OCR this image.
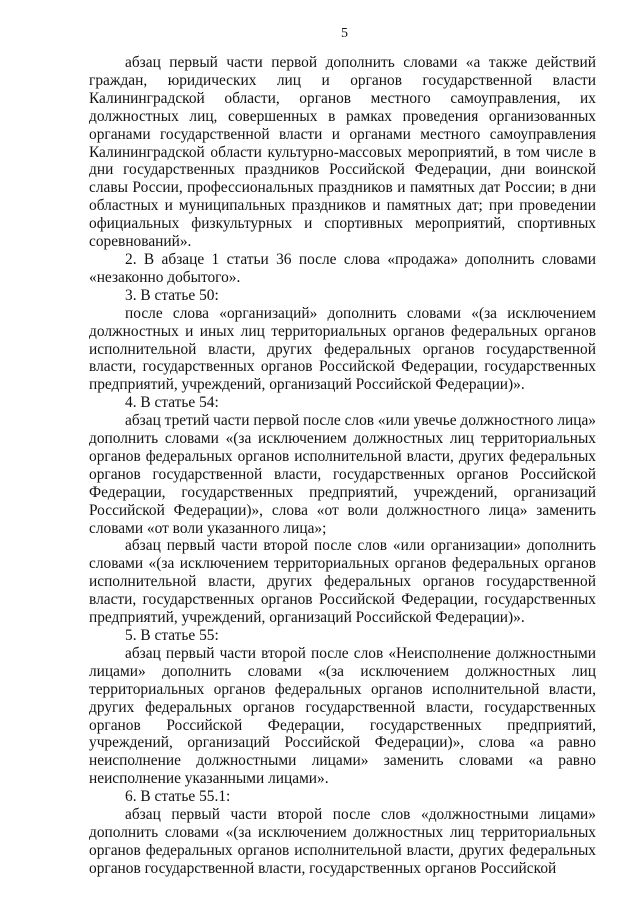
5

абзац первый части первой дополнить словами «а также действий граждан, юридических лиц и органов государственной власти Калининградской области, органов местного самоуправления, их должностных лиц, совершенных в рамках проведения организованных органами государственной власти и органами местного самоуправления Калининградской области культурно-массовых мероприятий, в том числе в дни государственных праздников Российской Федерации, дни воинской славы России, профессиональных праздников и памятных дат России; в дни областных и муниципальных праздников и памятных дат; при проведении официальных физкультурных и спортивных мероприятий, спортивных соревнований».

2. В абзаце 1 статьи 36 после слова «продажа» дополнить словами «незаконно добытого».

3. В статье 50:

после слова «организаций» дополнить словами «(за исключением должностных и иных лиц территориальных органов федеральных органов исполнительной власти, других федеральных органов государственной власти, государственных органов Российской Федерации, государственных предприятий, учреждений, организаций Российской Федерации)».

4. В статье 54:

абзац третий части первой после слов «или увечье должностного лица» дополнить словами «(за исключением должностных лиц территориальных органов федеральных органов исполнительной власти, других федеральных органов государственной власти, государственных органов Российской Федерации, государственных предприятий, учреждений, организаций Российской Федерации)», слова «от воли должностного лица» заменить словами «от воли указанного лица»;

абзац первый части второй после слов «или организации» дополнить словами «(за исключением территориальных органов федеральных органов исполнительной власти, других федеральных органов государственной власти, государственных органов Российской Федерации, государственных предприятий, учреждений, организаций Российской Федерации)».

5. В статье 55:

абзац первый части второй после слов «Неисполнение должностными лицами» дополнить словами «(за исключением должностных лиц территориальных органов федеральных органов исполнительной власти, других федеральных органов государственной власти, государственных органов Российской Федерации, государственных предприятий, учреждений, организаций Российской Федерации)», слова «а равно неисполнение должностными лицами» заменить словами «а равно неисполнение указанными лицами».

6. В статье 55.1:

абзац первый части второй после слов «должностными лицами» дополнить словами «(за исключением должностных лиц территориальных органов федеральных органов исполнительной власти, других федеральных органов государственной власти, государственных органов Российской
